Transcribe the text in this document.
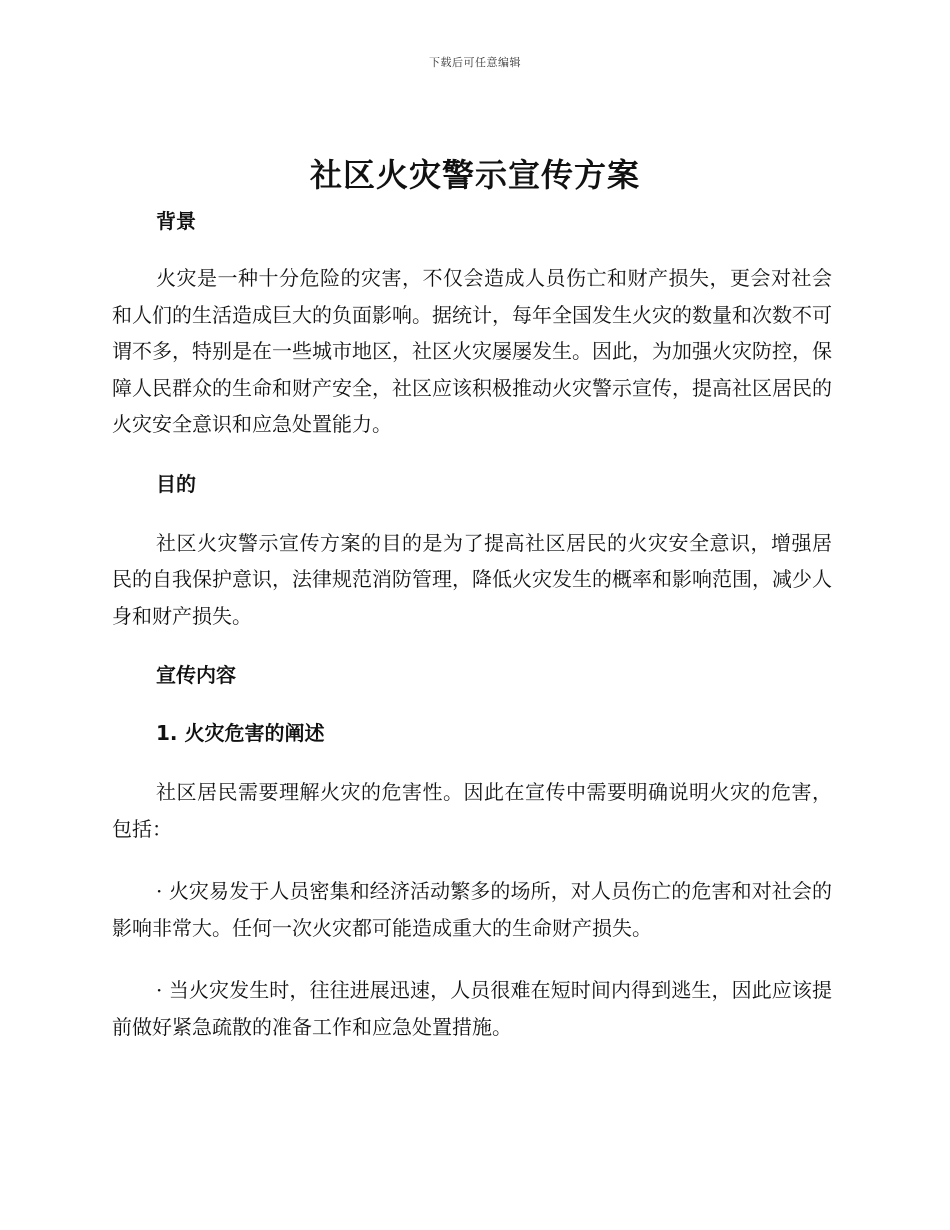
下载后可任意编辑
社区火灾警示宣传方案

背景

火灾是一种十分危险的灾害，不仅会造成人员伤亡和财产损失，更会对社会和人们的生活造成巨大的负面影响。据统计，每年全国发生火灾的数量和次数不可谓不多，特别是在一些城市地区，社区火灾屡屡发生。因此，为加强火灾防控，保障人民群众的生命和财产安全，社区应该积极推动火灾警示宣传，提高社区居民的火灾安全意识和应急处置能力。

目的

社区火灾警示宣传方案的目的是为了提高社区居民的火灾安全意识，增强居民的自我保护意识，法律规范消防管理，降低火灾发生的概率和影响范围，减少人身和财产损失。

宣传内容

1. 火灾危害的阐述

社区居民需要理解火灾的危害性。因此在宣传中需要明确说明火灾的危害，包括：

· 火灾易发于人员密集和经济活动繁多的场所，对人员伤亡的危害和对社会的影响非常大。任何一次火灾都可能造成重大的生命财产损失。

· 当火灾发生时，往往进展迅速，人员很难在短时间内得到逃生，因此应该提前做好紧急疏散的准备工作和应急处置措施。
